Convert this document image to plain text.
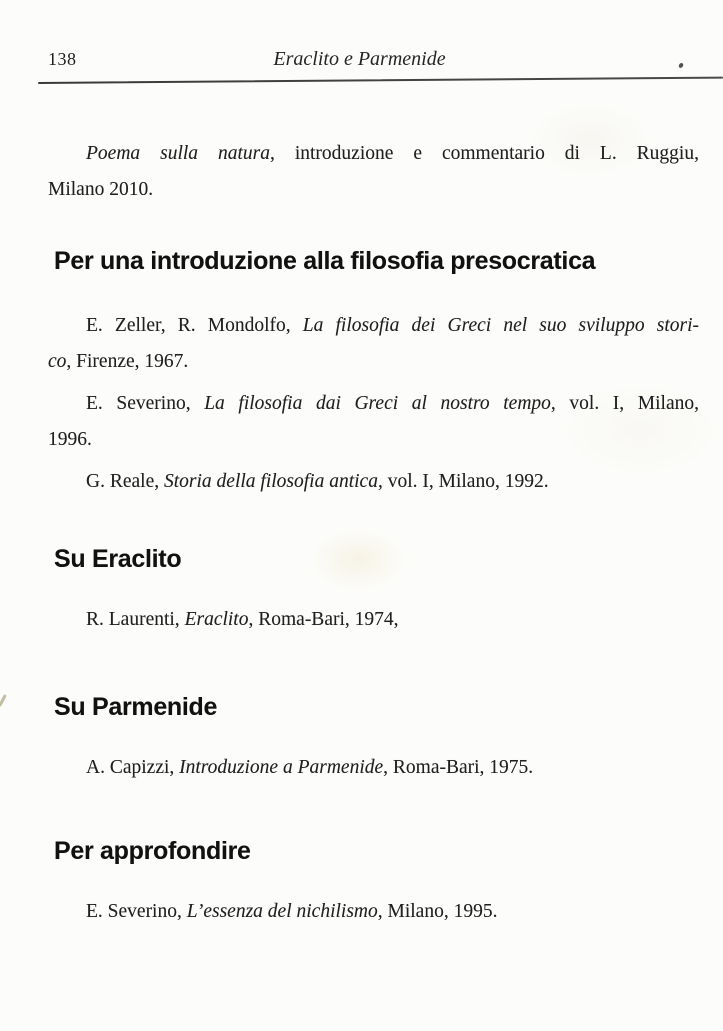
138	Eraclito e Parmenide

Poema sulla natura, introduzione e commentario di L. Ruggiu,
Milano 2010.

Per una introduzione alla filosofia presocratica

E. Zeller, R. Mondolfo, La filosofia dei Greci nel suo sviluppo stori-
co, Firenze, 1967.

E. Severino, La filosofia dai Greci al nostro tempo, vol. I, Milano,
1996.

G. Reale, Storia della filosofia antica, vol. I, Milano, 1992.

Su Eraclito

R. Laurenti, Eraclito, Roma-Bari, 1974,

Su Parmenide

A. Capizzi, Introduzione a Parmenide, Roma-Bari, 1975.

Per approfondire

E. Severino, L’essenza del nichilismo, Milano, 1995.
